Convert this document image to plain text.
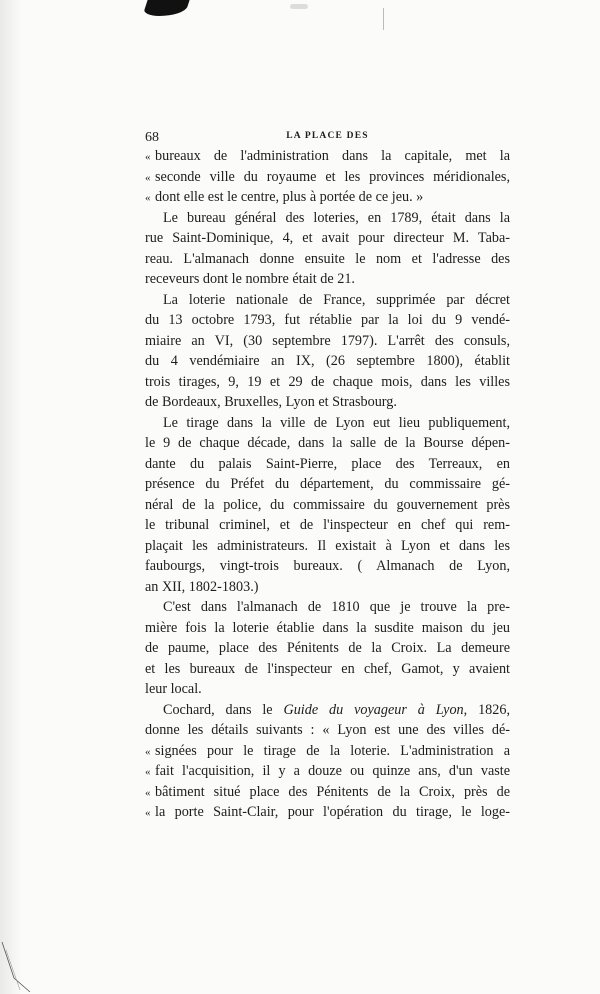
68	LA PLACE DES
« bureaux de l'administration dans la capitale, met la
« seconde ville du royaume et les provinces méridionales,
« dont elle est le centre, plus à portée de ce jeu. »
Le bureau général des loteries, en 1789, était dans la
rue Saint-Dominique, 4, et avait pour directeur M. Taba-
reau. L'almanach donne ensuite le nom et l'adresse des
receveurs dont le nombre était de 21.
La loterie nationale de France, supprimée par décret
du 13 octobre 1793, fut rétablie par la loi du 9 vendé-
miaire an VI, (30 septembre 1797). L'arrêt des consuls,
du 4 vendémiaire an IX, (26 septembre 1800), établit
trois tirages, 9, 19 et 29 de chaque mois, dans les villes
de Bordeaux, Bruxelles, Lyon et Strasbourg.
Le tirage dans la ville de Lyon eut lieu publiquement,
le 9 de chaque décade, dans la salle de la Bourse dépen-
dante du palais Saint-Pierre, place des Terreaux, en
présence du Préfet du département, du commissaire gé-
néral de la police, du commissaire du gouvernement près
le tribunal criminel, et de l'inspecteur en chef qui rem-
plaçait les administrateurs. Il existait à Lyon et dans les
faubourgs, vingt-trois bureaux. ( Almanach de Lyon,
an XII, 1802-1803.)
C'est dans l'almanach de 1810 que je trouve la pre-
mière fois la loterie établie dans la susdite maison du jeu
de paume, place des Pénitents de la Croix. La demeure
et les bureaux de l'inspecteur en chef, Gamot, y avaient
leur local.
Cochard, dans le Guide du voyageur à Lyon, 1826,
donne les détails suivants : « Lyon est une des villes dé-
« signées pour le tirage de la loterie. L'administration a
« fait l'acquisition, il y a douze ou quinze ans, d'un vaste
« bâtiment situé place des Pénitents de la Croix, près de
« la porte Saint-Clair, pour l'opération du tirage, le loge-
